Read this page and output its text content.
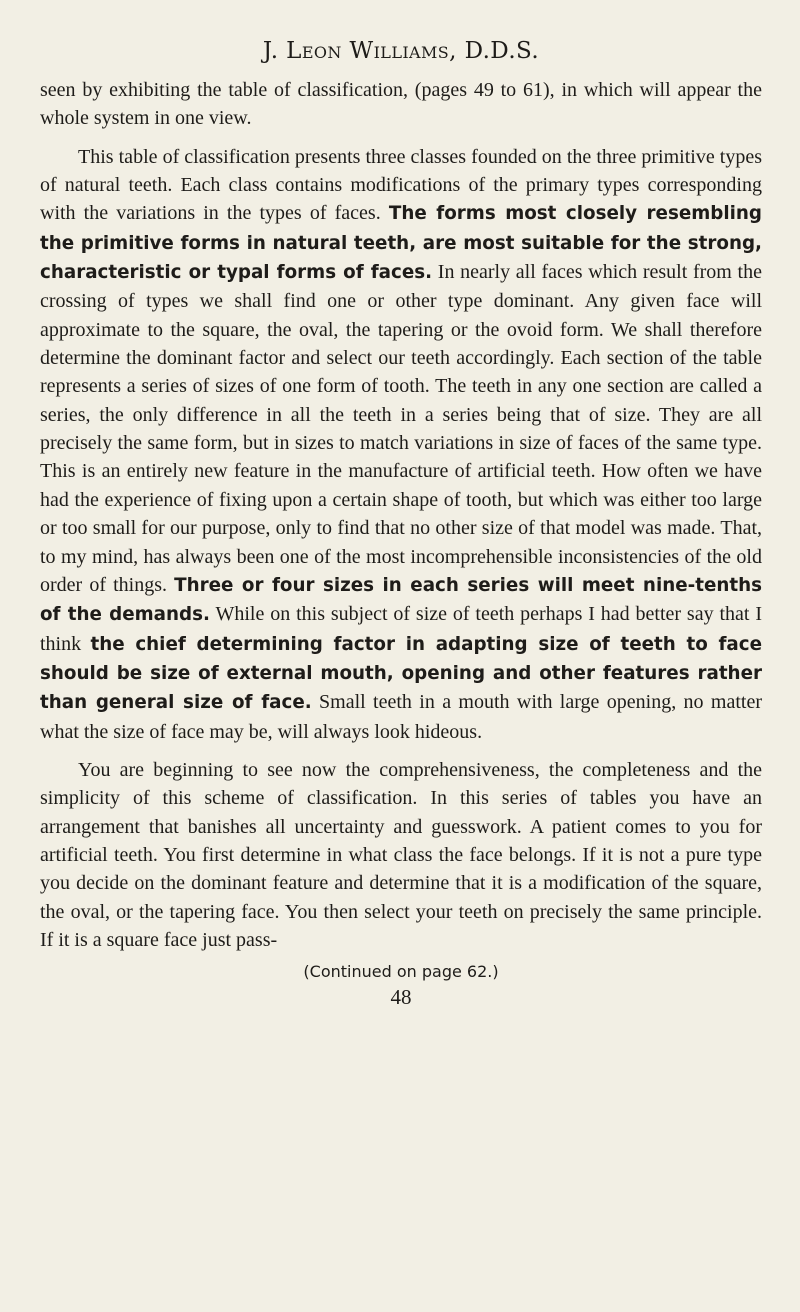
J. Leon Williams, D.D.S.

seen by exhibiting the table of classification, (pages 49 to 61), in which will appear the whole system in one view.

This table of classification presents three classes founded on the three primitive types of natural teeth. Each class contains modifications of the primary types corresponding with the variations in the types of faces. The forms most closely resembling the primitive forms in natural teeth, are most suitable for the strong, characteristic or typal forms of faces. In nearly all faces which result from the crossing of types we shall find one or other type dominant. Any given face will approximate to the square, the oval, the tapering or the ovoid form. We shall therefore determine the dominant factor and select our teeth accordingly. Each section of the table represents a series of sizes of one form of tooth. The teeth in any one section are called a series, the only difference in all the teeth in a series being that of size. They are all precisely the same form, but in sizes to match variations in size of faces of the same type. This is an entirely new feature in the manufacture of artificial teeth. How often we have had the experience of fixing upon a certain shape of tooth, but which was either too large or too small for our purpose, only to find that no other size of that model was made. That, to my mind, has always been one of the most incomprehensible inconsistencies of the old order of things. Three or four sizes in each series will meet nine-tenths of the demands. While on this subject of size of teeth perhaps I had better say that I think the chief determining factor in adapting size of teeth to face should be size of external mouth, opening and other features rather than general size of face. Small teeth in a mouth with large opening, no matter what the size of face may be, will always look hideous.

You are beginning to see now the comprehensiveness, the completeness and the simplicity of this scheme of classification. In this series of tables you have an arrangement that banishes all uncertainty and guesswork. A patient comes to you for artificial teeth. You first determine in what class the face belongs. If it is not a pure type you decide on the dominant feature and determine that it is a modification of the square, the oval, or the tapering face. You then select your teeth on precisely the same principle. If it is a square face just pass-

(Continued on page 62.)
48
